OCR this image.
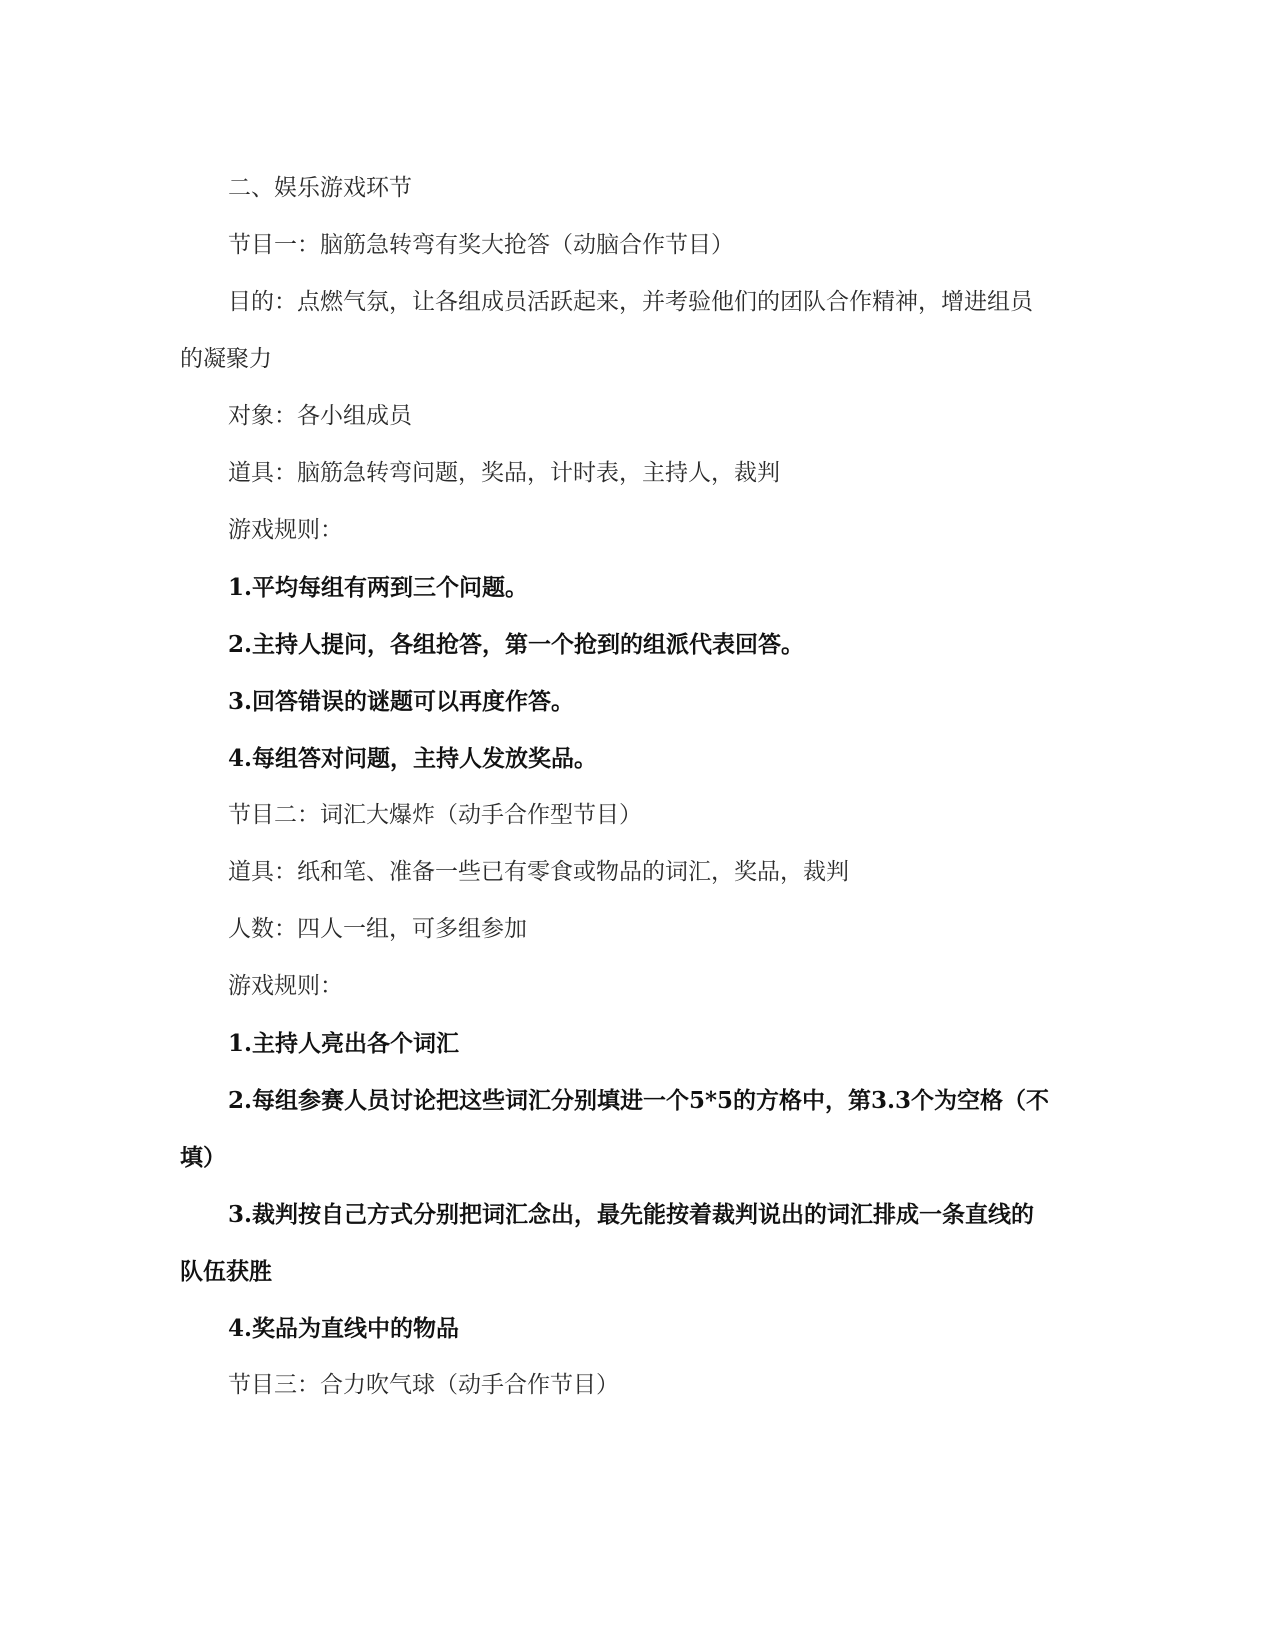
二、娱乐游戏环节

节目一：脑筋急转弯有奖大抢答（动脑合作节目）

目的：点燃气氛，让各组成员活跃起来，并考验他们的团队合作精神，增进组员的凝聚力

对象：各小组成员

道具：脑筋急转弯问题，奖品，计时表，主持人，裁判

游戏规则：

1.平均每组有两到三个问题。

2.主持人提问，各组抢答，第一个抢到的组派代表回答。

3.回答错误的谜题可以再度作答。

4.每组答对问题，主持人发放奖品。

节目二：词汇大爆炸（动手合作型节目）

道具：纸和笔、准备一些已有零食或物品的词汇，奖品，裁判

人数：四人一组，可多组参加

游戏规则：

1.主持人亮出各个词汇

2.每组参赛人员讨论把这些词汇分别填进一个5*5的方格中，第3.3个为空格（不填）

3.裁判按自己方式分别把词汇念出，最先能按着裁判说出的词汇排成一条直线的队伍获胜

4.奖品为直线中的物品

节目三：合力吹气球（动手合作节目）
